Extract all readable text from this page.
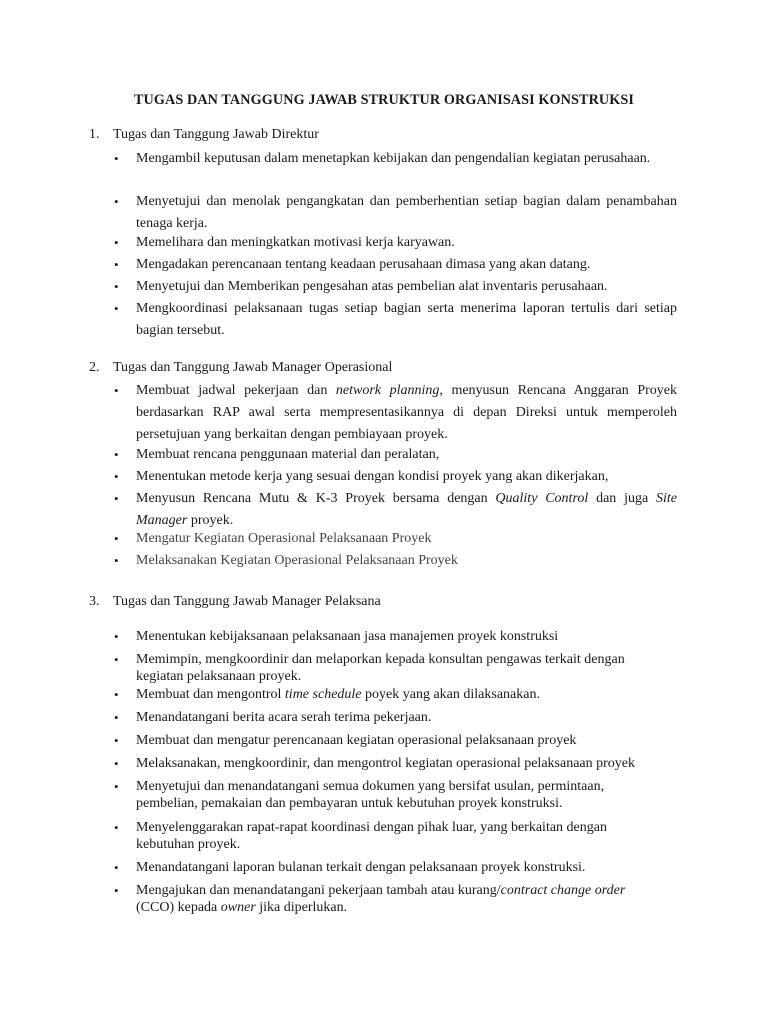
TUGAS DAN TANGGUNG JAWAB STRUKTUR ORGANISASI KONSTRUKSI
1. Tugas dan Tanggung Jawab Direktur
• Mengambil keputusan dalam menetapkan kebijakan dan pengendalian kegiatan perusahaan.
• Menyetujui dan menolak pengangkatan dan pemberhentian setiap bagian dalam penambahan tenaga kerja.
• Memelihara dan meningkatkan motivasi kerja karyawan.
• Mengadakan perencanaan tentang keadaan perusahaan dimasa yang akan datang.
• Menyetujui dan Memberikan pengesahan atas pembelian alat inventaris perusahaan.
• Mengkoordinasi pelaksanaan tugas setiap bagian serta menerima laporan tertulis dari setiap bagian tersebut.
2. Tugas dan Tanggung Jawab Manager Operasional
• Membuat jadwal pekerjaan dan network planning, menyusun Rencana Anggaran Proyek berdasarkan RAP awal serta mempresentasikannya di depan Direksi untuk memperoleh persetujuan yang berkaitan dengan pembiayaan proyek.
• Membuat rencana penggunaan material dan peralatan,
• Menentukan metode kerja yang sesuai dengan kondisi proyek yang akan dikerjakan,
• Menyusun Rencana Mutu & K-3 Proyek bersama dengan Quality Control dan juga Site Manager proyek.
• Mengatur Kegiatan Operasional Pelaksanaan Proyek
• Melaksanakan Kegiatan Operasional Pelaksanaan Proyek
3. Tugas dan Tanggung Jawab Manager Pelaksana
• Menentukan kebijaksanaan pelaksanaan jasa manajemen proyek konstruksi
• Memimpin, mengkoordinir dan melaporkan kepada konsultan pengawas terkait dengan kegiatan pelaksanaan proyek.
• Membuat dan mengontrol time schedule poyek yang akan dilaksanakan.
• Menandatangani berita acara serah terima pekerjaan.
• Membuat dan mengatur perencanaan kegiatan operasional pelaksanaan proyek
• Melaksanakan, mengkoordinir, dan mengontrol kegiatan operasional pelaksanaan proyek
• Menyetujui dan menandatangani semua dokumen yang bersifat usulan, permintaan, pembelian, pemakaian dan pembayaran untuk kebutuhan proyek konstruksi.
• Menyelenggarakan rapat-rapat koordinasi dengan pihak luar, yang berkaitan dengan kebutuhan proyek.
• Menandatangani laporan bulanan terkait dengan pelaksanaan proyek konstruksi.
• Mengajukan dan menandatangani pekerjaan tambah atau kurang/contract change order (CCO) kepada owner jika diperlukan.
